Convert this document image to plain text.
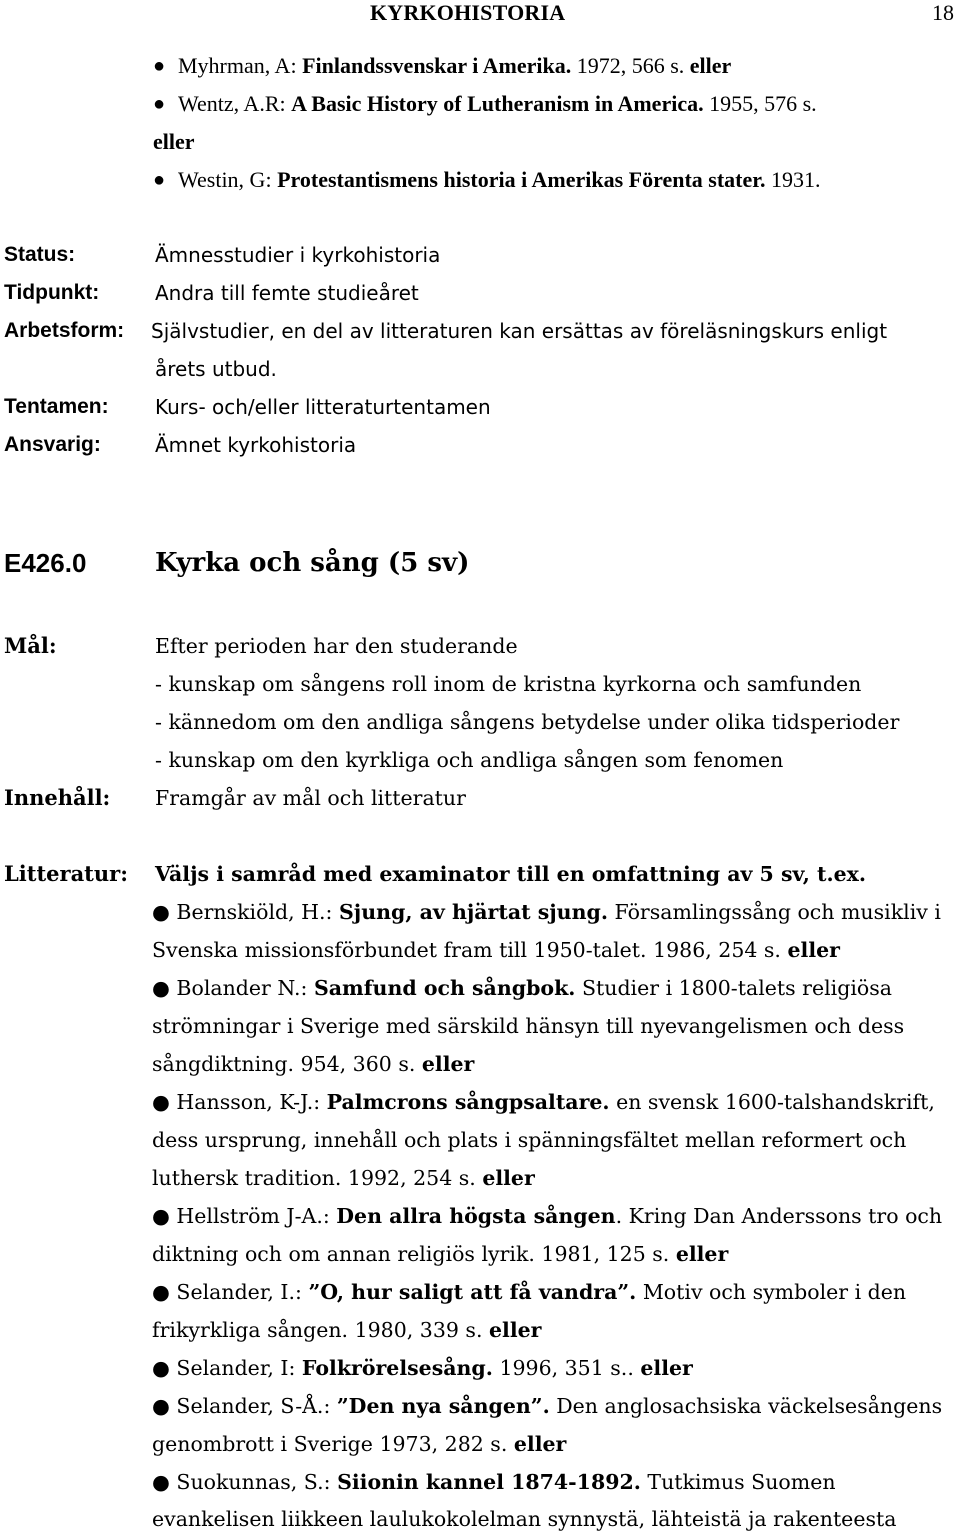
KYRKOHISTORIA	18
● Myhrman, A: Finlandssvenskar i Amerika. 1972, 566 s. eller
● Wentz, A.R: A Basic History of Lutheranism in America. 1955, 576 s.
eller
● Westin, G: Protestantismens historia i Amerikas Förenta stater. 1931.
Status:	Ämnesstudier i kyrkohistoria
Tidpunkt:	Andra till femte studieåret
Arbetsform: Självstudier, en del av litteraturen kan ersättas av föreläsningskurs enligt
årets utbud.
Tentamen: Kurs- och/eller litteraturtentamen
Ansvarig:	Ämnet kyrkohistoria
E426.0	Kyrka och sång (5 sv)
Mål:	Efter perioden har den studerande
- kunskap om sångens roll inom de kristna kyrkorna och samfunden
- kännedom om den andliga sångens betydelse under olika tidsperioder
- kunskap om den kyrkliga och andliga sången som fenomen
Innehåll: Framgår av mål och litteratur
Litteratur: Väljs i samråd med examinator till en omfattning av 5 sv, t.ex.
● Bernskiöld, H.: Sjung, av hjärtat sjung. Församlingssång och musikliv i
Svenska missionsförbundet fram till 1950-talet. 1986, 254 s. eller
● Bolander N.: Samfund och sångbok. Studier i 1800-talets religiösa
strömningar i Sverige med särskild hänsyn till nyevangelismen och dess
sångdiktning. 954, 360 s. eller
● Hansson, K-J.: Palmcrons sångpsaltare. en svensk 1600-talshandskrift,
dess ursprung, innehåll och plats i spänningsfältet mellan reformert och
luthersk tradition. 1992, 254 s. eller
● Hellström J-A.: Den allra högsta sången. Kring Dan Anderssons tro och
diktning och om annan religiös lyrik. 1981, 125 s. eller
● Selander, I.: ”O, hur saligt att få vandra”. Motiv och symboler i den
frikyrkliga sången. 1980, 339 s. eller
● Selander, I: Folkrörelsesång. 1996, 351 s.. eller
● Selander, S-Å.: ”Den nya sången”. Den anglosachsiska väckelsesångens
genombrott i Sverige 1973, 282 s. eller
● Suokunnas, S.: Siionin kannel 1874-1892. Tutkimus Suomen
evankelisen liikkeen laulukokolelman synnystä, lähteistä ja rakenteesta
